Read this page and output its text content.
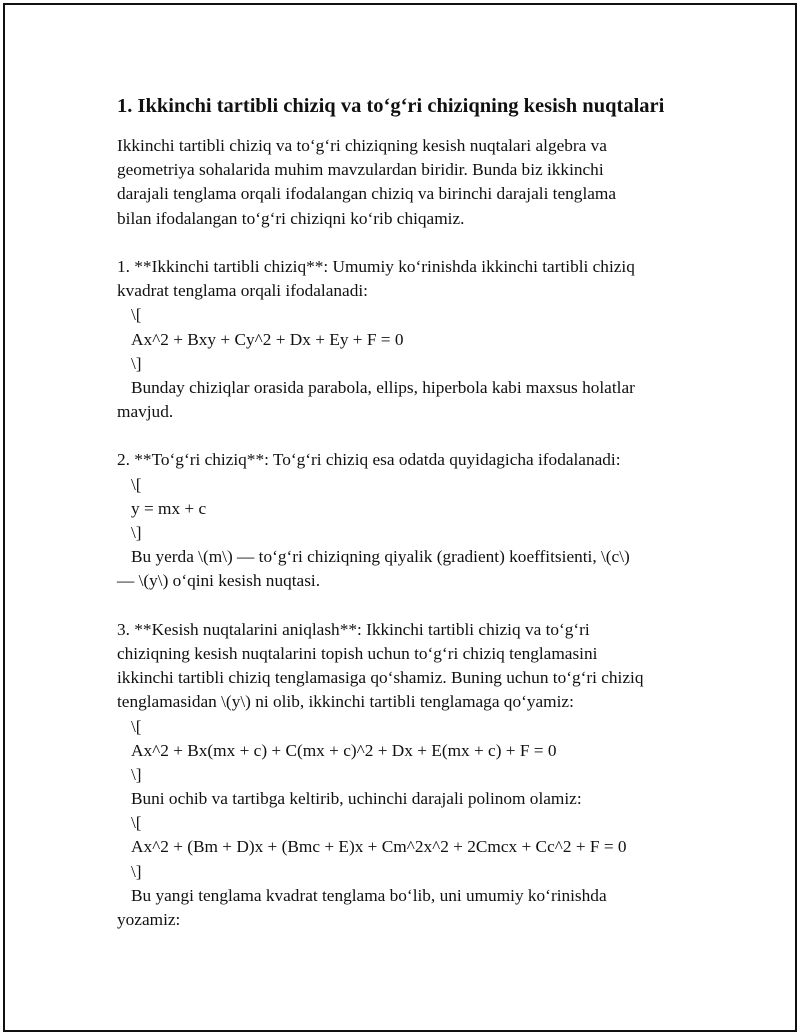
1. Ikkinchi tartibli chiziq va to‘g‘ri chiziqning kesish nuqtalari
Ikkinchi tartibli chiziq va to‘g‘ri chiziqning kesish nuqtalari algebra va
geometriya sohalarida muhim mavzulardan biridir. Bunda biz ikkinchi
darajali tenglama orqali ifodalangan chiziq va birinchi darajali tenglama
bilan ifodalangan to‘g‘ri chiziqni ko‘rib chiqamiz.
1. **Ikkinchi tartibli chiziq**: Umumiy ko‘rinishda ikkinchi tartibli chiziq
kvadrat tenglama orqali ifodalanadi:
\[
Ax^2 + Bxy + Cy^2 + Dx + Ey + F = 0
\]
Bunday chiziqlar orasida parabola, ellips, hiperbola kabi maxsus holatlar
mavjud.
2. **To‘g‘ri chiziq**: To‘g‘ri chiziq esa odatda quyidagicha ifodalanadi:
\[
y = mx + c
\]
Bu yerda \(m\) — to‘g‘ri chiziqning qiyalik (gradient) koeffitsienti, \(c\)
— \(y\) o‘qini kesish nuqtasi.
3. **Kesish nuqtalarini aniqlash**: Ikkinchi tartibli chiziq va to‘g‘ri
chiziqning kesish nuqtalarini topish uchun to‘g‘ri chiziq tenglamasini
ikkinchi tartibli chiziq tenglamasiga qo‘shamiz. Buning uchun to‘g‘ri chiziq
tenglamasidan \(y\) ni olib, ikkinchi tartibli tenglamaga qo‘yamiz:
\[
Ax^2 + Bx(mx + c) + C(mx + c)^2 + Dx + E(mx + c) + F = 0
\]
Buni ochib va tartibga keltirib, uchinchi darajali polinom olamiz:
\[
Ax^2 + (Bm + D)x + (Bmc + E)x + Cm^2x^2 + 2Cmcx + Cc^2 + F = 0
\]
Bu yangi tenglama kvadrat tenglama bo‘lib, uni umumiy ko‘rinishda
yozamiz:
